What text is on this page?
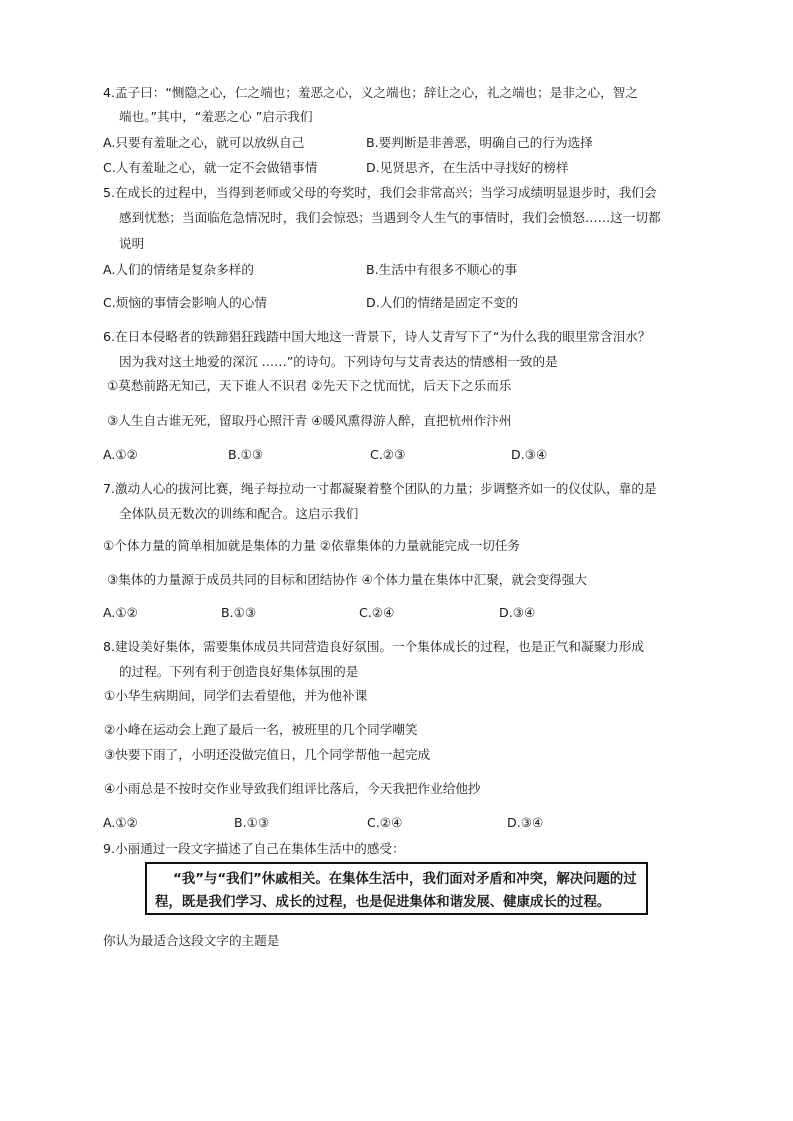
4.孟子曰：“恻隐之心，仁之端也；羞恶之心，义之端也；辞让之心，礼之端也；是非之心，智之
端也。”其中，“羞恶之心 ”启示我们
A.只要有羞耻之心，就可以放纵自己	B.要判断是非善恶，明确自己的行为选择
C.人有羞耻之心，就一定不会做错事情	D.见贤思齐，在生活中寻找好的榜样
5.在成长的过程中，当得到老师或父母的夸奖时，我们会非常高兴；当学习成绩明显退步时，我们会
感到忧愁；当面临危急情况时，我们会惊恐；当遇到令人生气的事情时，我们会愤怒……这一切都
说明
A.人们的情绪是复杂多样的	B.生活中有很多不顺心的事
C.烦恼的事情会影响人的心情	D.人们的情绪是固定不变的
6.在日本侵略者的铁蹄猖狂践踏中国大地这一背景下，诗人艾青写下了“为什么我的眼里常含泪水？
因为我对这土地爱的深沉 ……”的诗句。下列诗句与艾青表达的情感相一致的是
①莫愁前路无知己，天下谁人不识君 ②先天下之忧而忧，后天下之乐而乐
③人生自古谁无死，留取丹心照汗青 ④暖风熏得游人醉，直把杭州作汴州
A.①②	B.①③	C.②③	D.③④
7.激动人心的拔河比赛，绳子每拉动一寸都凝聚着整个团队的力量；步调整齐如一的仪仗队，靠的是
全体队员无数次的训练和配合。这启示我们
①个体力量的简单相加就是集体的力量 ②依靠集体的力量就能完成一切任务
③集体的力量源于成员共同的目标和团结协作 ④个体力量在集体中汇聚，就会变得强大
A.①②	B.①③	C.②④	D.③④
8.建设美好集体，需要集体成员共同营造良好氛围。一个集体成长的过程，也是正气和凝聚力形成
的过程。下列有利于创造良好集体氛围的是
①小华生病期间，同学们去看望他，并为他补课
②小峰在运动会上跑了最后一名，被班里的几个同学嘲笑
③快要下雨了，小明还没做完值日，几个同学帮他一起完成
④小雨总是不按时交作业导致我们组评比落后，今天我把作业给他抄
A.①②	B.①③	C.②④	D.③④
9.小丽通过一段文字描述了自己在集体生活中的感受：
“我”与“我们”休戚相关。在集体生活中，我们面对矛盾和冲突，解决问题的过
程，既是我们学习、成长的过程，也是促进集体和谐发展、健康成长的过程。
你认为最适合这段文字的主题是
